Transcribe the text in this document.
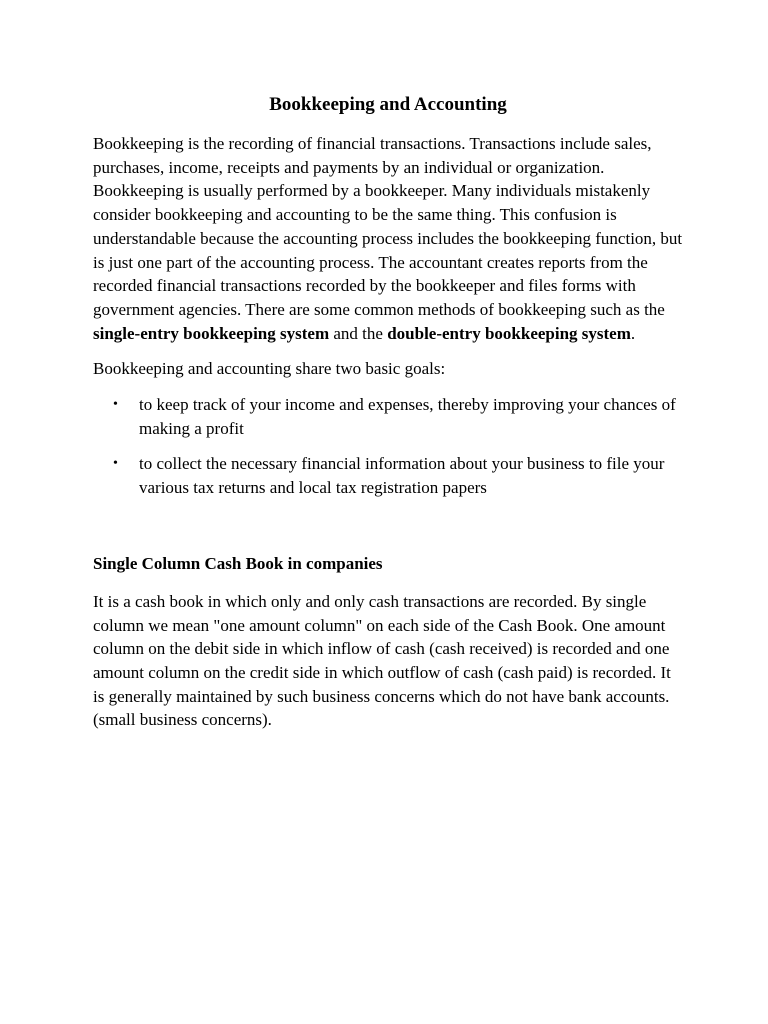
Bookkeeping and Accounting

Bookkeeping is the recording of financial transactions. Transactions include sales, purchases, income, receipts and payments by an individual or organization. Bookkeeping is usually performed by a bookkeeper. Many individuals mistakenly consider bookkeeping and accounting to be the same thing. This confusion is understandable because the accounting process includes the bookkeeping function, but is just one part of the accounting process. The accountant creates reports from the recorded financial transactions recorded by the bookkeeper and files forms with government agencies. There are some common methods of bookkeeping such as the single-entry bookkeeping system and the double-entry bookkeeping system.

Bookkeeping and accounting share two basic goals:

• to keep track of your income and expenses, thereby improving your chances of making a profit
• to collect the necessary financial information about your business to file your various tax returns and local tax registration papers
Single Column Cash Book in companies

It is a cash book in which only and only cash transactions are recorded. By single column we mean "one amount column" on each side of the Cash Book. One amount column on the debit side in which inflow of cash (cash received) is recorded and one amount column on the credit side in which outflow of cash (cash paid) is recorded. It is generally maintained by such business concerns which do not have bank accounts. (small business concerns).
